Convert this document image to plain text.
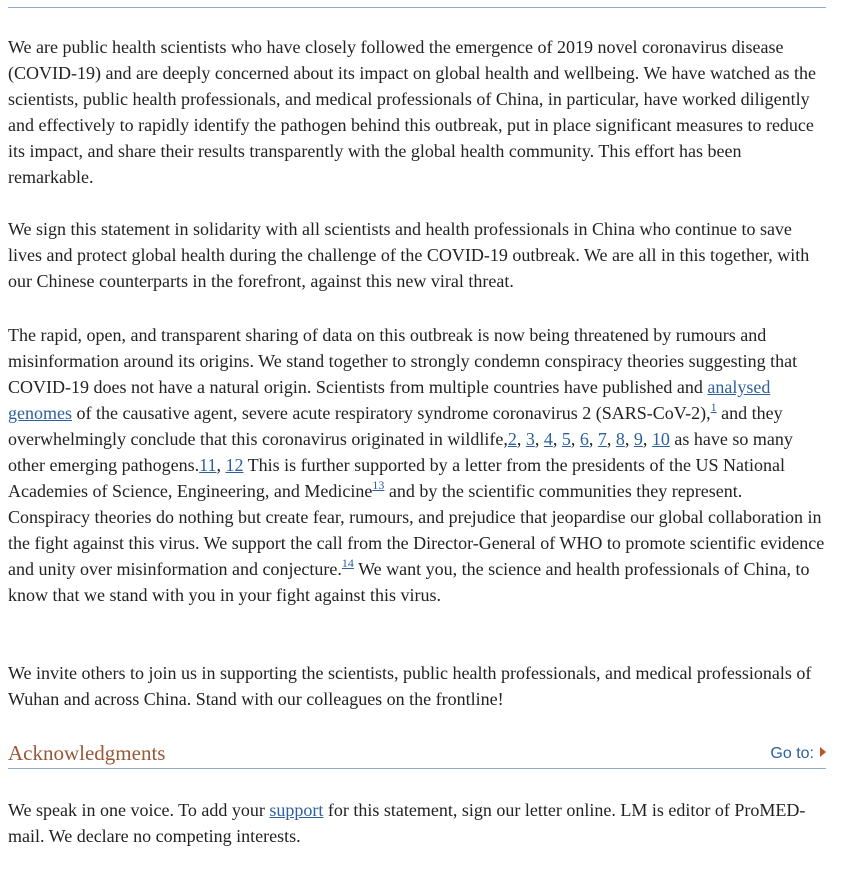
We are public health scientists who have closely followed the emergence of 2019 novel coronavirus disease (COVID-19) and are deeply concerned about its impact on global health and wellbeing. We have watched as the scientists, public health professionals, and medical professionals of China, in particular, have worked diligently and effectively to rapidly identify the pathogen behind this outbreak, put in place significant measures to reduce its impact, and share their results transparently with the global health community. This effort has been remarkable.

We sign this statement in solidarity with all scientists and health professionals in China who continue to save lives and protect global health during the challenge of the COVID-19 outbreak. We are all in this together, with our Chinese counterparts in the forefront, against this new viral threat.

The rapid, open, and transparent sharing of data on this outbreak is now being threatened by rumours and misinformation around its origins. We stand together to strongly condemn conspiracy theories suggesting that COVID-19 does not have a natural origin. Scientists from multiple countries have published and analysed genomes of the causative agent, severe acute respiratory syndrome coronavirus 2 (SARS-CoV-2),$^1$ and they overwhelmingly conclude that this coronavirus originated in wildlife,2, 3, 4, 5, 6, 7, 8, 9, 10 as have so many other emerging pathogens.11, 12 This is further supported by a letter from the presidents of the US National Academies of Science, Engineering, and Medicine$^{13}$ and by the scientific communities they represent. Conspiracy theories do nothing but create fear, rumours, and prejudice that jeopardise our global collaboration in the fight against this virus. We support the call from the Director-General of WHO to promote scientific evidence and unity over misinformation and conjecture.$^{14}$ We want you, the science and health professionals of China, to know that we stand with you in your fight against this virus.

We invite others to join us in supporting the scientists, public health professionals, and medical professionals of Wuhan and across China. Stand with our colleagues on the frontline!

Acknowledgments	Go to:

We speak in one voice. To add your support for this statement, sign our letter online. LM is editor of ProMED-mail. We declare no competing interests.
